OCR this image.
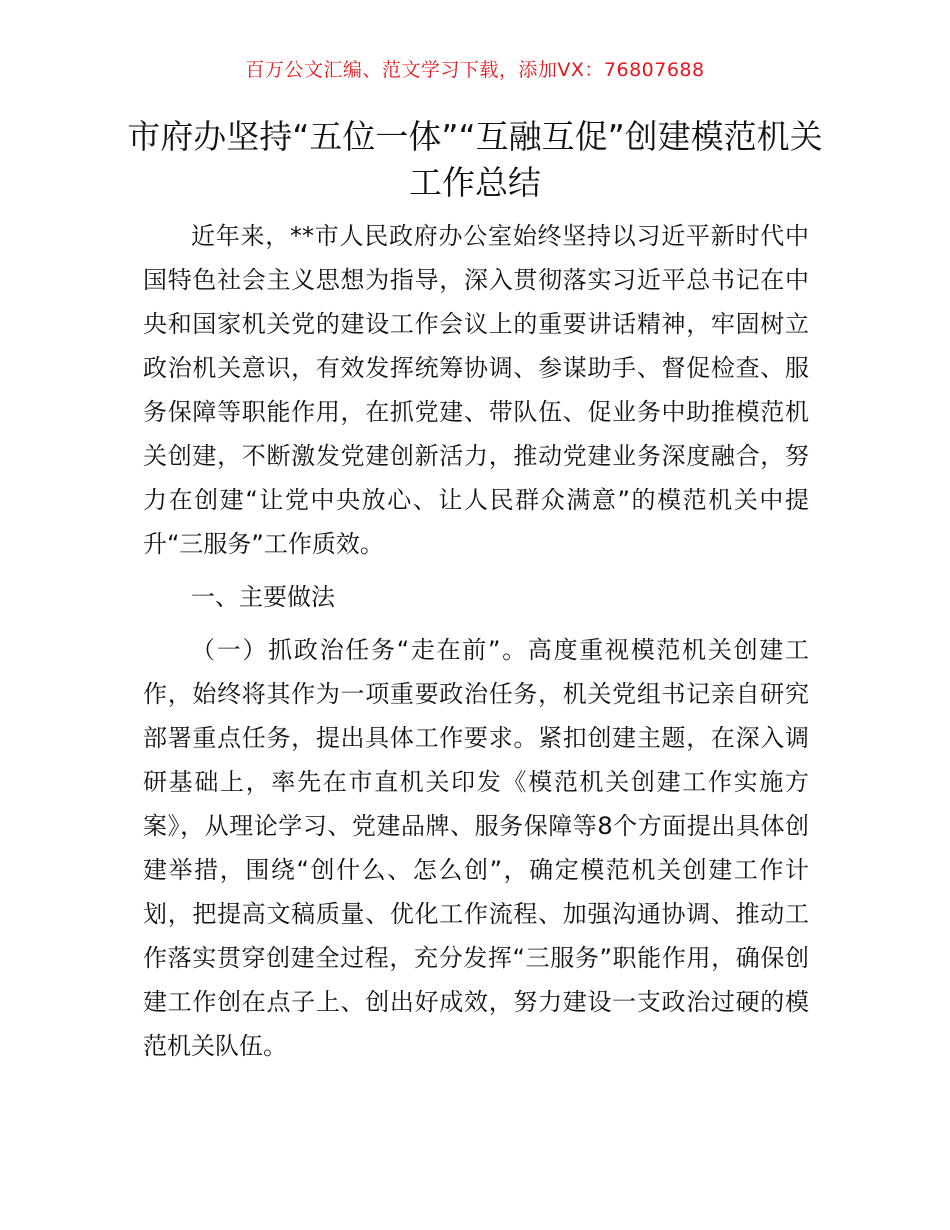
百万公文汇编、范文学习下载，添加VX：76807688
市府办坚持“五位一体”“互融互促”创建模范机关工作总结

近年来，**市人民政府办公室始终坚持以习近平新时代中国特色社会主义思想为指导，深入贯彻落实习近平总书记在中央和国家机关党的建设工作会议上的重要讲话精神，牢固树立政治机关意识，有效发挥统筹协调、参谋助手、督促检查、服务保障等职能作用，在抓党建、带队伍、促业务中助推模范机关创建，不断激发党建创新活力，推动党建业务深度融合，努力在创建“让党中央放心、让人民群众满意”的模范机关中提升“三服务”工作质效。

一、主要做法

（一）抓政治任务“走在前”。高度重视模范机关创建工作，始终将其作为一项重要政治任务，机关党组书记亲自研究部署重点任务，提出具体工作要求。紧扣创建主题，在深入调研基础上，率先在市直机关印发《模范机关创建工作实施方案》，从理论学习、党建品牌、服务保障等8个方面提出具体创建举措，围绕“创什么、怎么创”，确定模范机关创建工作计划，把提高文稿质量、优化工作流程、加强沟通协调、推动工作落实贯穿创建全过程，充分发挥“三服务”职能作用，确保创建工作创在点子上、创出好成效，努力建设一支政治过硬的模范机关队伍。
